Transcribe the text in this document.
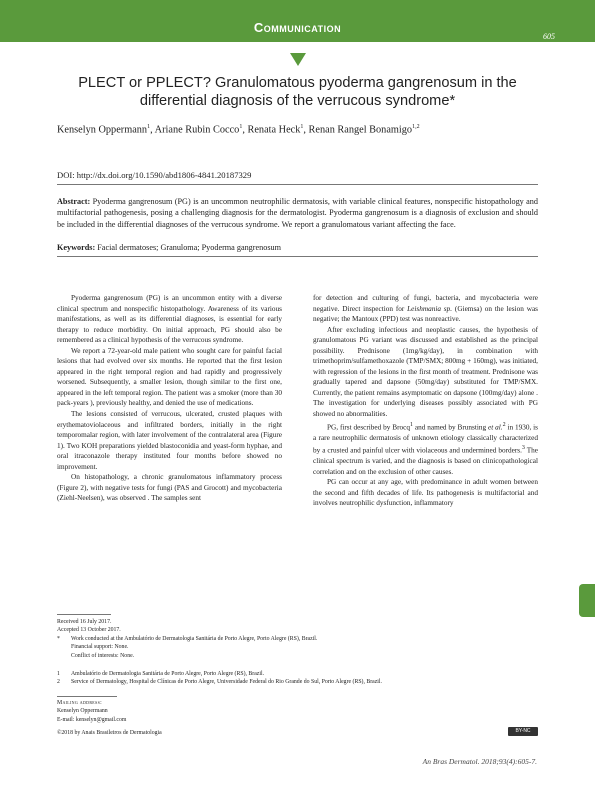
Communication
605
PLECT or PPLECT? Granulomatous pyoderma gangrenosum in the
differential diagnosis of the verrucous syndrome*
Kenselyn Oppermann$^1$, Ariane Rubin Cocco$^1$, Renata Heck$^1$, Renan Rangel Bonamigo$^{1,2}$
DOI: http://dx.doi.org/10.1590/abd1806-4841.20187329
Abstract: Pyoderma gangrenosum (PG) is an uncommon neutrophilic dermatosis, with variable clinical features, nonspecific histopathology and multifactorial pathogenesis, posing a challenging diagnosis for the dermatologist. Pyoderma gangrenosum is a diagnosis of exclusion and should be included in the differential diagnoses of the verrucous syndrome. We report a granulomatous variant affecting the face.
Keywords: Facial dermatoses; Granuloma; Pyoderma gangrenosum

Pyoderma gangrenosum (PG) is an uncommon entity with a diverse clinical spectrum and nonspecific histopathology. Awareness of its various manifestations, as well as its differential diagnoses, is essential for early therapy to reduce morbidity. On initial approach, PG should also be remembered as a clinical hypothesis of the verrucous syndrome.

We report a 72-year-old male patient who sought care for painful facial lesions that had evolved over six months. He reported that the first lesion appeared in the right temporal region and had rapidly and progressively worsened. Subsequently, a smaller lesion, though similar to the first one, appeared in the left temporal region. The patient was a smoker (more than 30 pack-years ), previously healthy, and denied the use of medications.

The lesions consisted of verrucous, ulcerated, crusted plaques with erythematoviolaceous and infiltrated borders, initially in the right temporomalar region, with later involvement of the contralateral area (Figure 1). Two KOH preparations yielded blastoconidia and yeast-form hyphae, and oral itraconazole therapy instituted four months before showed no improvement.

On histopathology, a chronic granulomatous inflammatory process (Figure 2), with negative tests for fungi (PAS and Grocott) and mycobacteria (Ziehl-Neelsen), was observed . The samples sent

for detection and culturing of fungi, bacteria, and mycobacteria were negative. Direct inspection for Leishmania sp. (Giemsa) on the lesion was negative; the Mantoux (PPD) test was nonreactive.

After excluding infectious and neoplastic causes, the hypothesis of granulomatous PG variant was discussed and established as the principal possibility. Prednisone (1mg/kg/day), in combination with trimethoprim/sulfamethoxazole (TMP/SMX; 800mg + 160mg), was initiated, with regression of the lesions in the first month of treatment. Prednisone was gradually tapered and dapsone (50mg/day) substituted for TMP/SMX. Currently, the patient remains asymptomatic on dapsone (100mg/day) alone . The investigation for underlying diseases possibly associated with PG showed no abnormalities.

PG, first described by Brocq$^1$ and named by Brunsting et al.$^2$ in 1930, is a rare neutrophilic dermatosis of unknown etiology classically characterized by a crusted and painful ulcer with violaceous and undermined borders.$^3$ The clinical spectrum is varied, and the diagnosis is based on clinicopathological correlation and on the exclusion of other causes.

PG can occur at any age, with predominance in adult women between the second and fifth decades of life. Its pathogenesis is multifactorial and involves neutrophilic dysfunction, inflammatory

Received 16 July 2017.
Accepted 13 October 2017.
*	Work conducted at the Ambulatório de Dermatologia Sanitária de Porto Alegre, Porto Alegre (RS), Brazil.
Financial support: None.
Conflict of interests: None.
1	Ambulatório de Dermatologia Sanitária de Porto Alegre, Porto Alegre (RS), Brazil.
2	Service of Dermatology, Hospital de Clínicas de Porto Alegre, Universidade Federal do Rio Grande do Sul, Porto Alegre (RS), Brazil.
Mailing address:
Kenselyn Oppermann
E-mail: kenselyn@gmail.com
©2018 by Anais Brasileiros de Dermatologia	BY-NC
An Bras Dermatol. 2018;93(4):605-7.
